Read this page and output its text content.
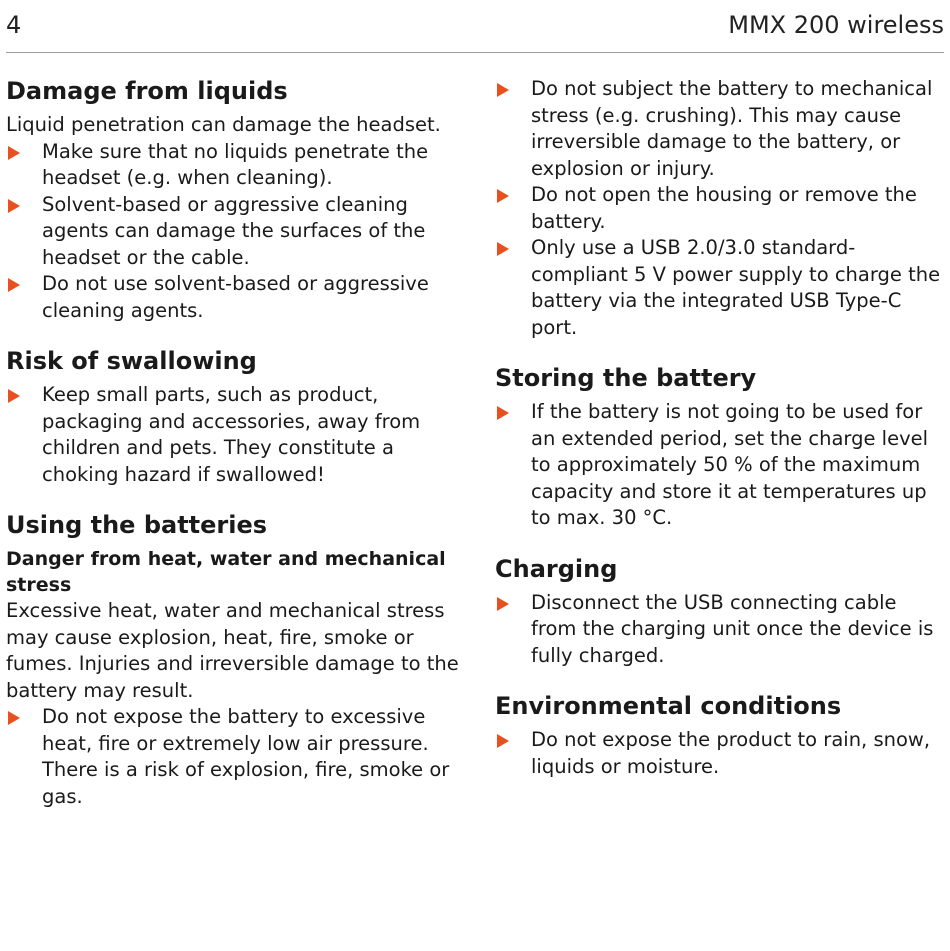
4	MMX 200 wireless
Damage from liquids

Liquid penetration can damage the headset.

Make sure that no liquids penetrate the headset (e.g. when cleaning).
Solvent-based or aggressive cleaning agents can damage the surfaces of the headset or the cable.
Do not use solvent-based or aggressive cleaning agents.
Risk of swallowing
Keep small parts, such as product, packaging and accessories, away from children and pets. They constitute a choking hazard if swallowed!
Using the batteries
Danger from heat, water and mechanical stress

Excessive heat, water and mechanical stress may cause explosion, heat, fire, smoke or fumes. Injuries and irreversible damage to the battery may result.

Do not expose the battery to excessive heat, fire or extremely low air pressure. There is a risk of explosion, fire, smoke or gas.
Do not subject the battery to mechanical stress (e.g. crushing). This may cause irreversible damage to the battery, or explosion or injury.
Do not open the housing or remove the battery.
Only use a USB 2.0/3.0 standard-compliant 5 V power supply to charge the battery via the integrated USB Type-C port.
Storing the battery
If the battery is not going to be used for an extended period, set the charge level to approximately 50 % of the maximum capacity and store it at temperatures up to max. 30 °C.
Charging
Disconnect the USB connecting cable from the charging unit once the device is fully charged.
Environmental conditions
Do not expose the product to rain, snow, liquids or moisture.
